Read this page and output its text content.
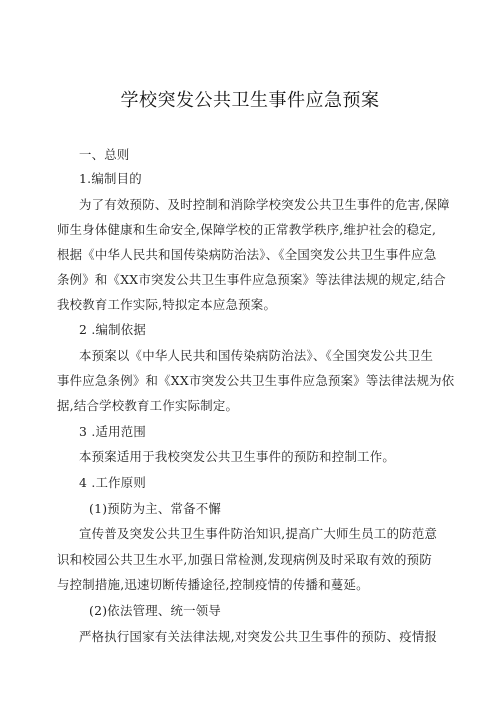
学校突发公共卫生事件应急预案
一、总则
1.编制目的
为了有效预防、及时控制和消除学校突发公共卫生事件的危害,保障
师生身体健康和生命安全,保障学校的正常教学秩序,维护社会的稳定,
根据《中华人民共和国传染病防治法》、《全国突发公共卫生事件应急
条例》和《XX市突发公共卫生事件应急预案》等法律法规的规定,结合
我校教育工作实际,特拟定本应急预案。
2 .编制依据
本预案以《中华人民共和国传染病防治法》、《全国突发公共卫生
事件应急条例》和《XX市突发公共卫生事件应急预案》等法律法规为依
据,结合学校教育工作实际制定。
3 .适用范围
本预案适用于我校突发公共卫生事件的预防和控制工作。
4 .工作原则
(1)预防为主、常备不懈
宣传普及突发公共卫生事件防治知识,提高广大师生员工的防范意
识和校园公共卫生水平,加强日常检测,发现病例及时采取有效的预防
与控制措施,迅速切断传播途径,控制疫情的传播和蔓延。
(2)依法管理、统一领导
严格执行国家有关法律法规,对突发公共卫生事件的预防、疫情报
